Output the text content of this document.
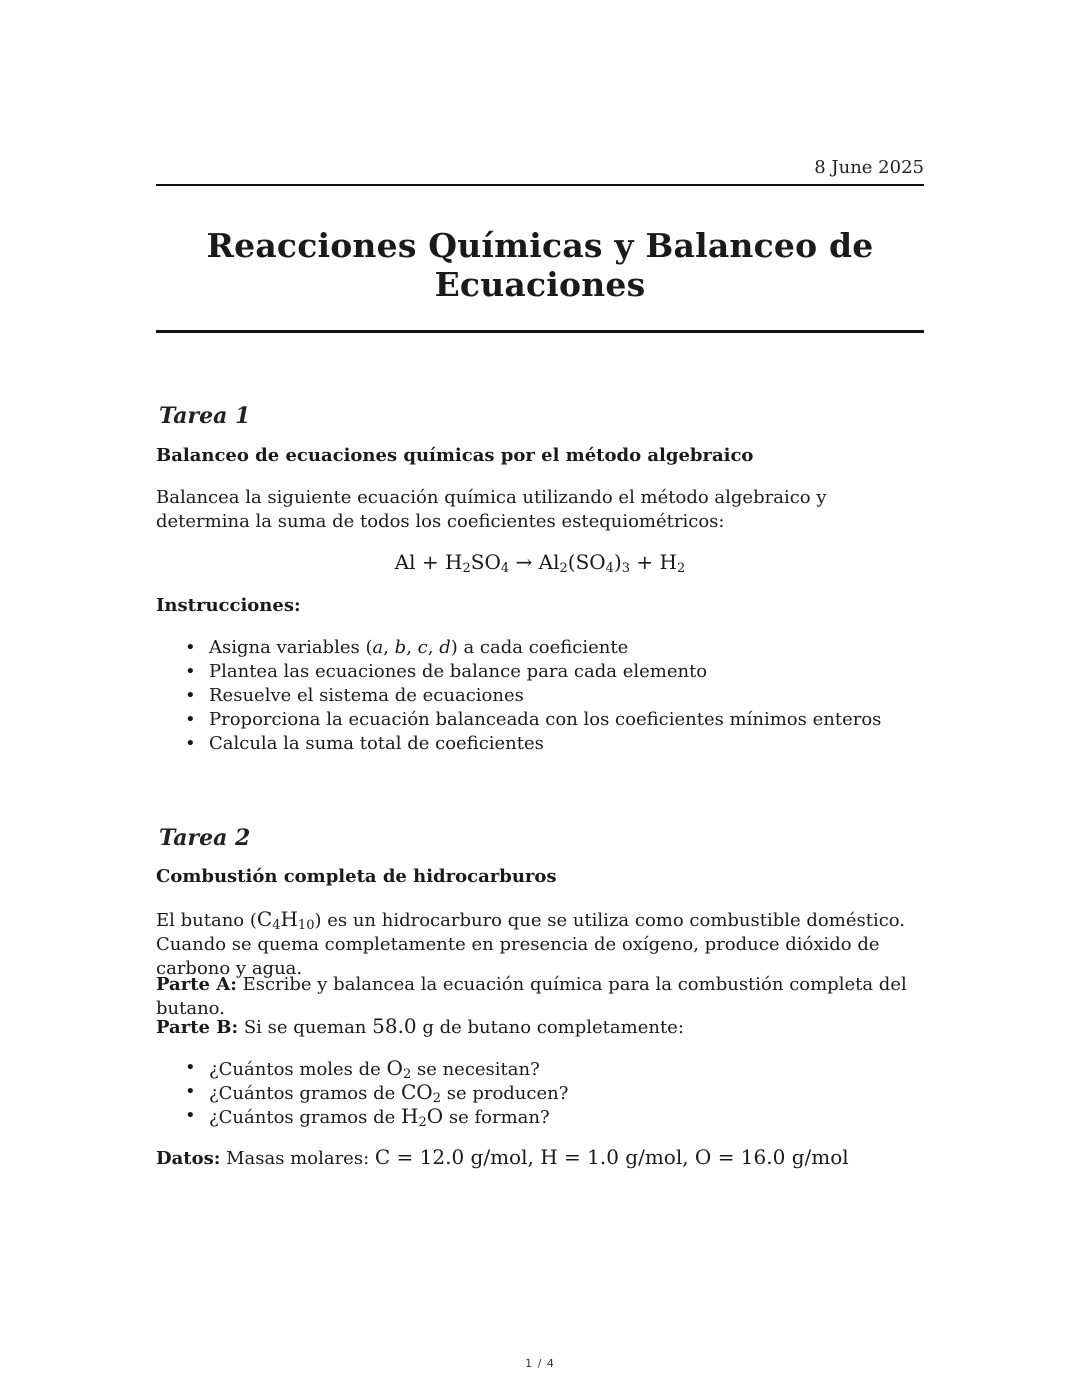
8 June 2025
Reacciones Químicas y Balanceo de Ecuaciones
Tarea 1

Balanceo de ecuaciones químicas por el método algebraico

Balancea la siguiente ecuación química utilizando el método algebraico y determina la suma de todos los coeficientes estequiométricos:

$Al + H_2SO_4 \to Al_2(SO_4)_3 + H_2$

Instrucciones:

• Asigna variables (a, b, c, d) a cada coeficiente
• Plantea las ecuaciones de balance para cada elemento
• Resuelve el sistema de ecuaciones
• Proporciona la ecuación balanceada con los coeficientes mínimos enteros
• Calcula la suma total de coeficientes
Tarea 2

Combustión completa de hidrocarburos

El butano $(C_4H_{10})$ es un hidrocarburo que se utiliza como combustible doméstico. Cuando se quema completamente en presencia de oxígeno, produce dióxido de carbono y agua.

Parte A: Escribe y balancea la ecuación química para la combustión completa del butano.

Parte B: Si se queman 58.0 g de butano completamente:

• ¿Cuántos moles de $O_2$ se necesitan?
• ¿Cuántos gramos de $CO_2$ se producen?
• ¿Cuántos gramos de $H_2O$ se forman?

Datos: Masas molares: C = 12.0 g/mol, H = 1.0 g/mol, O = 16.0 g/mol

1 / 4
